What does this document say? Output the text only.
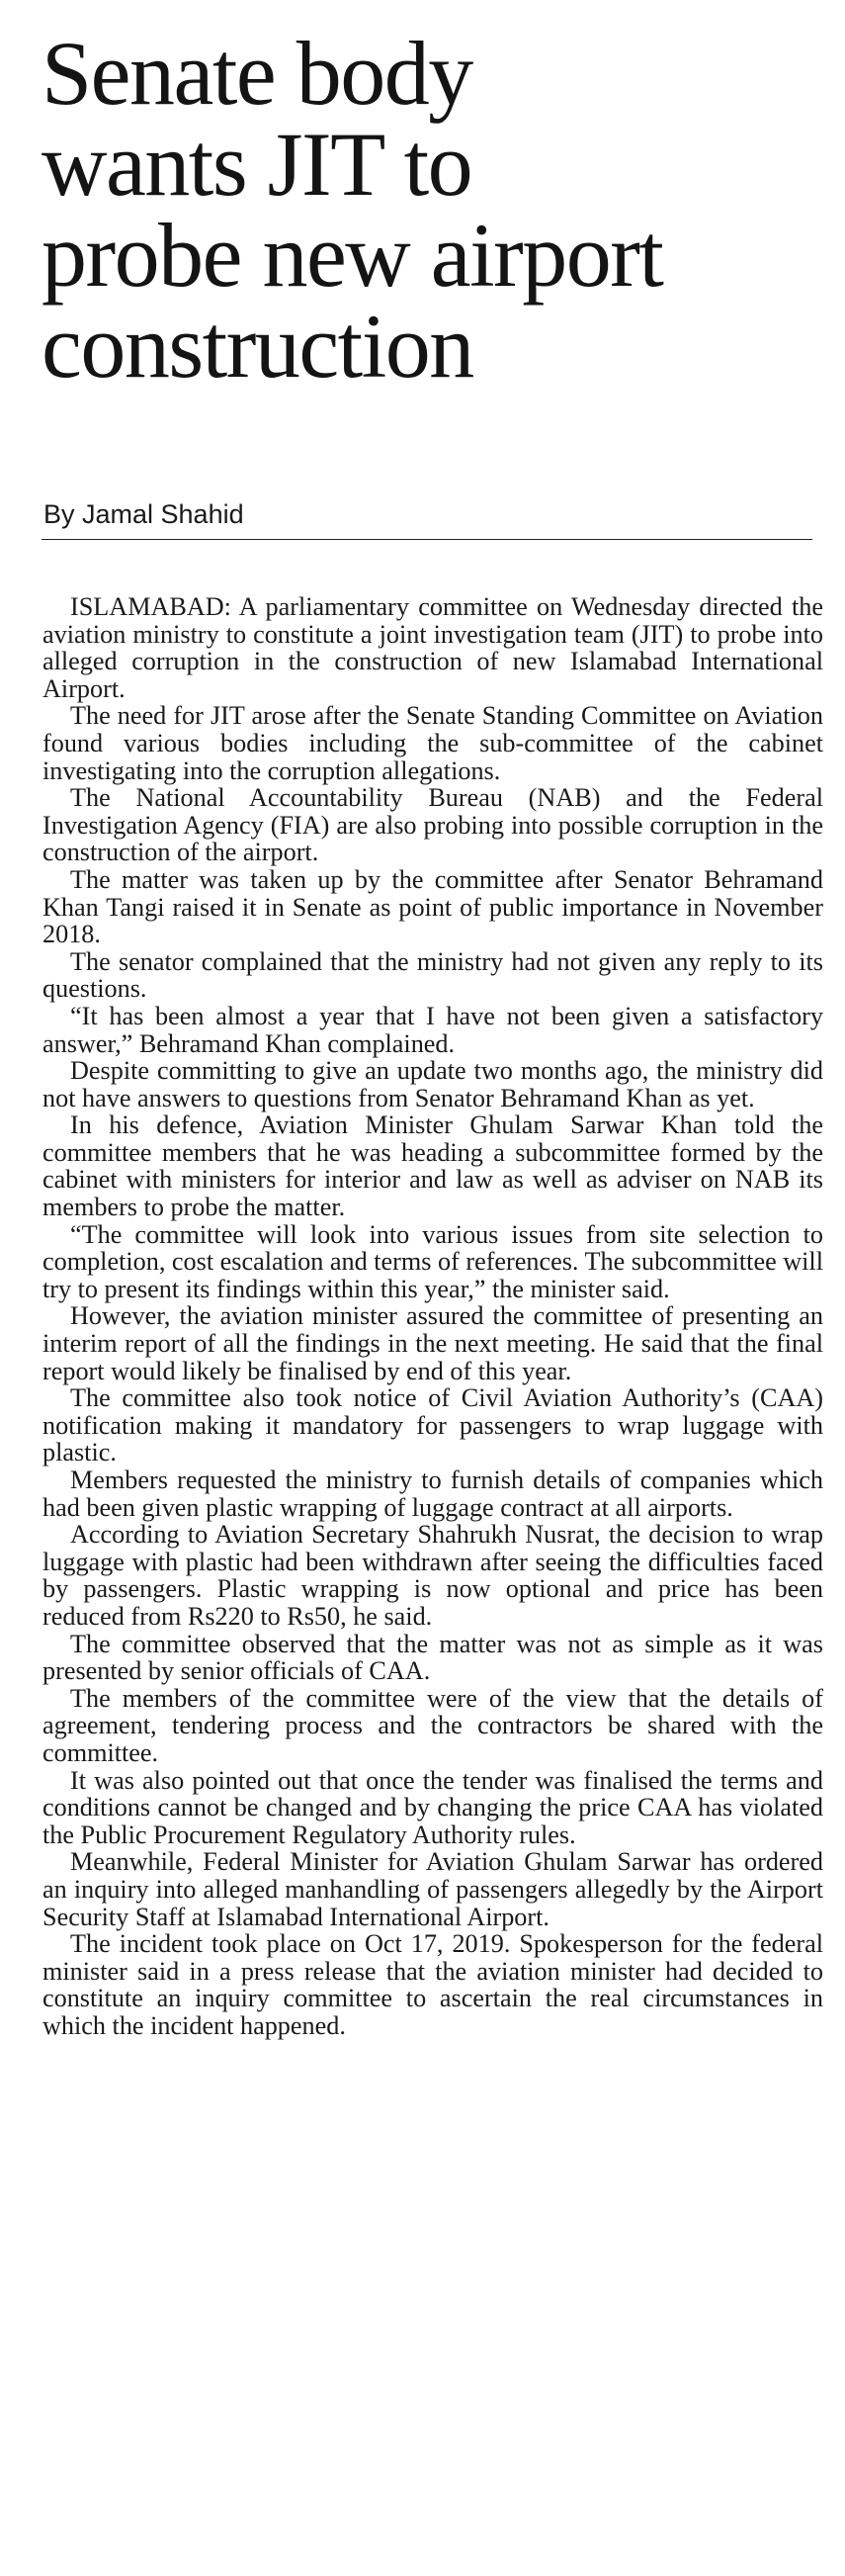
Senate body
wants JIT to
probe new airport
construction

By Jamal Shahid

ISLAMABAD: A parliamentary committee on Wednesday directed the aviation ministry to constitute a joint investigation team (JIT) to probe into alleged corruption in the construction of new Islamabad International Airport.

The need for JIT arose after the Senate Standing Committee on Aviation found various bodies including the sub-committee of the cabinet investigating into the corruption allegations.

The National Accountability Bureau (NAB) and the Federal Investigation Agency (FIA) are also probing into possible corruption in the construction of the airport.

The matter was taken up by the committee after Senator Behramand Khan Tangi raised it in Senate as point of public importance in November 2018.

The senator complained that the ministry had not given any reply to its questions.

“It has been almost a year that I have not been given a satisfactory answer,” Behramand Khan complained.

Despite committing to give an update two months ago, the ministry did not have answers to questions from Senator Behramand Khan as yet.

In his defence, Aviation Minister Ghulam Sarwar Khan told the committee members that he was heading a subcommittee formed by the cabinet with ministers for interior and law as well as adviser on NAB its members to probe the matter.

“The committee will look into various issues from site selection to completion, cost escalation and terms of references. The subcommittee will try to present its findings within this year,” the minister said.

However, the aviation minister assured the committee of presenting an interim report of all the findings in the next meeting. He said that the final report would likely be finalised by end of this year.

The committee also took notice of Civil Aviation Authority’s (CAA) notification making it mandatory for passengers to wrap luggage with plastic.

Members requested the ministry to furnish details of companies which had been given plastic wrapping of luggage contract at all airports.

According to Aviation Secretary Shahrukh Nusrat, the decision to wrap luggage with plastic had been withdrawn after seeing the difficulties faced by passengers. Plastic wrapping is now optional and price has been reduced from Rs220 to Rs50, he said.

The committee observed that the matter was not as simple as it was presented by senior officials of CAA.

The members of the committee were of the view that the details of agreement, tendering process and the contractors be shared with the committee.

It was also pointed out that once the tender was finalised the terms and conditions cannot be changed and by changing the price CAA has violated the Public Procurement Regulatory Authority rules.

Meanwhile, Federal Minister for Aviation Ghulam Sarwar has ordered an inquiry into alleged manhandling of passengers allegedly by the Airport Security Staff at Islamabad International Airport.

The incident took place on Oct 17, 2019. Spokesperson for the federal minister said in a press release that the aviation minister had decided to constitute an inquiry committee to ascertain the real circumstances in which the incident happened.
